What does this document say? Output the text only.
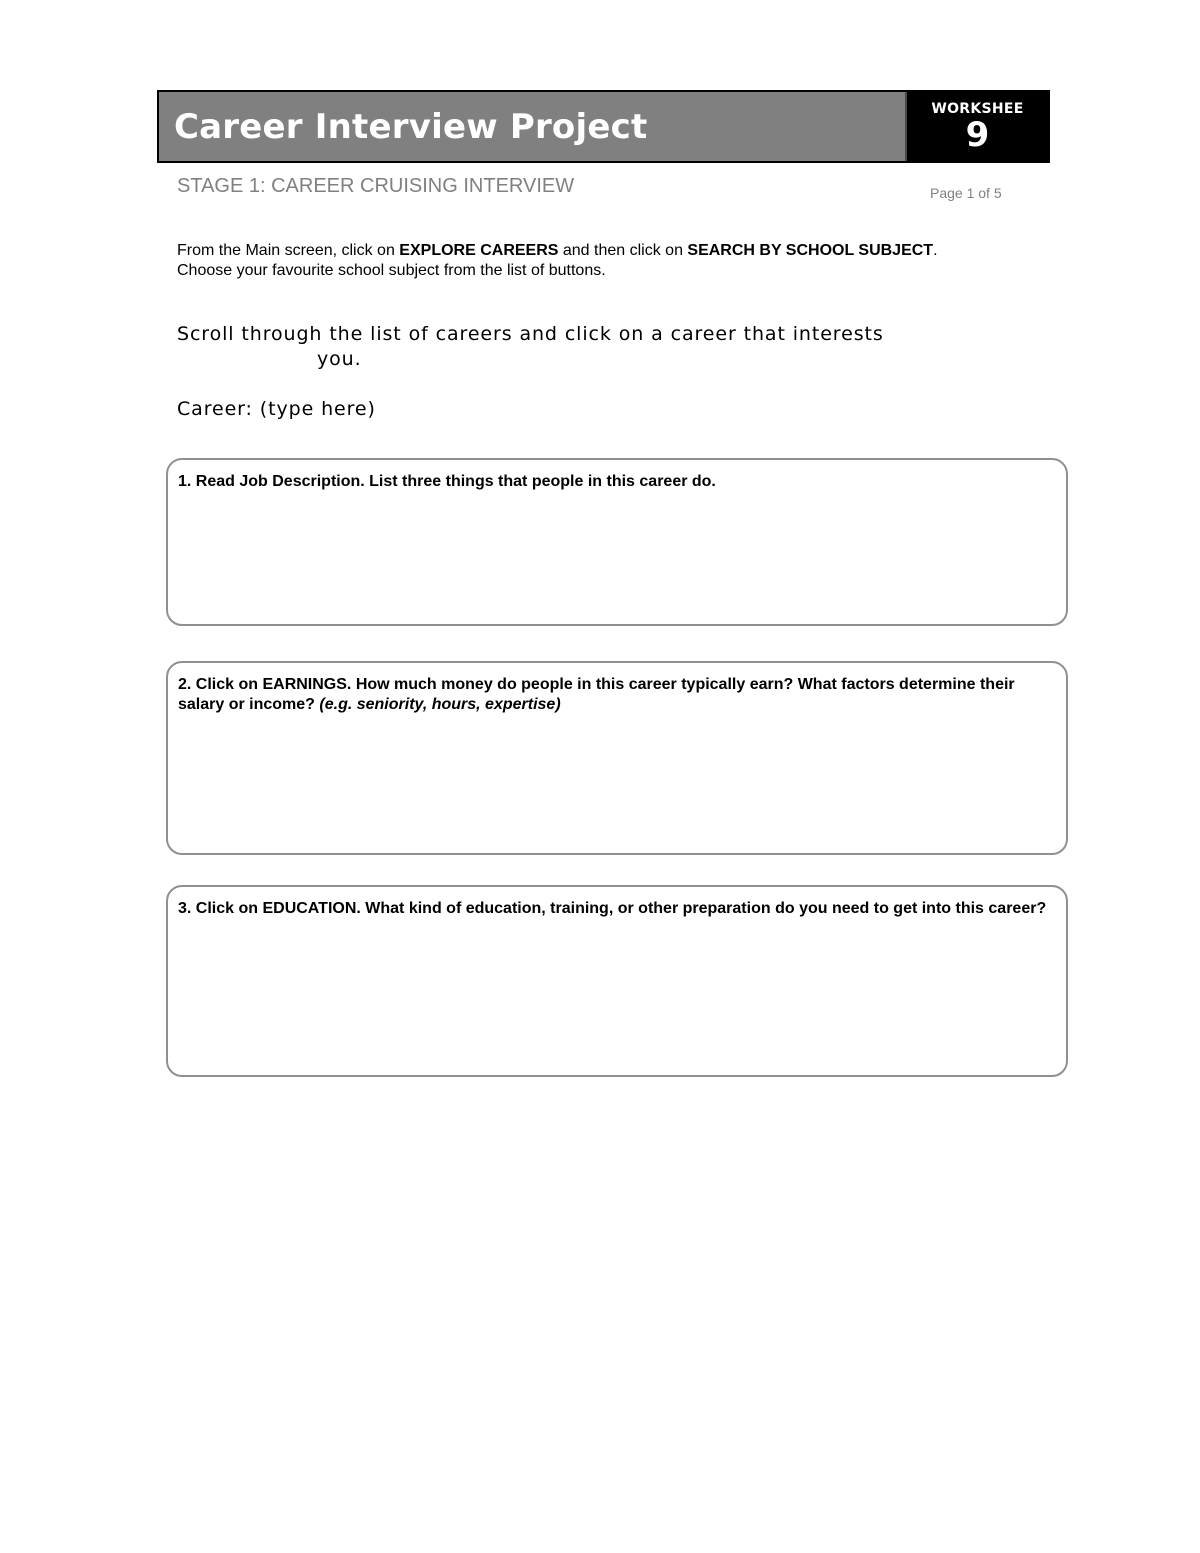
Career Interview Project	WORKSHEE
9
STAGE 1: CAREER CRUISING INTERVIEW	Page 1 of 5
From the Main screen, click on EXPLORE CAREERS and then click on SEARCH BY SCHOOL SUBJECT.
Choose your favourite school subject from the list of buttons.
Scroll through the list of careers and click on a career that interests
you.
Career: (type here)
1. Read Job Description. List three things that people in this career do.
2. Click on EARNINGS. How much money do people in this career typically earn? What factors determine their salary or income? (e.g. seniority, hours, expertise)
3. Click on EDUCATION. What kind of education, training, or other preparation do you need to get into this career?
